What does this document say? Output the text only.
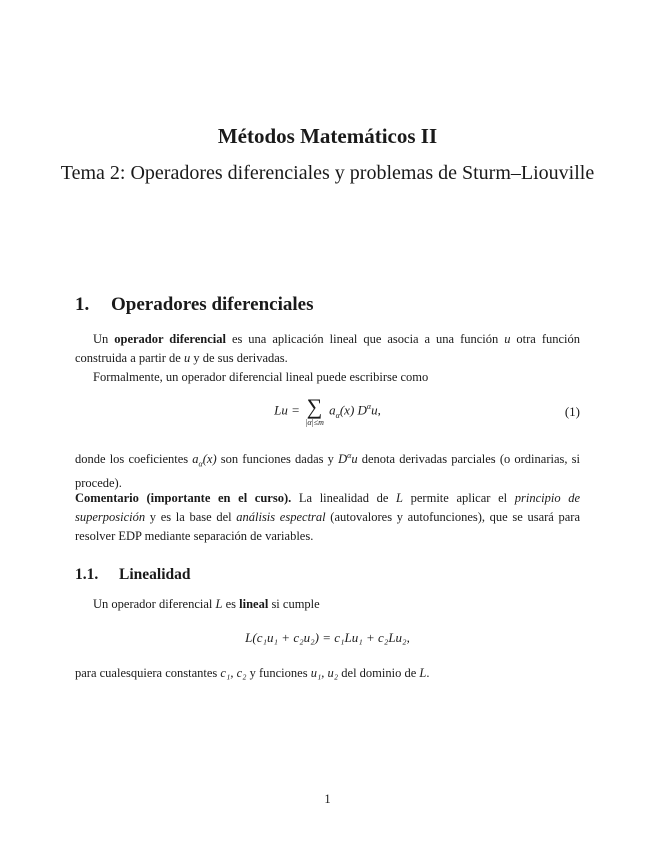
Métodos Matemáticos II
Tema 2: Operadores diferenciales y problemas de Sturm–Liouville
1. Operadores diferenciales
Un operador diferencial es una aplicación lineal que asocia a una función u otra función construida a partir de u y de sus derivadas.
Formalmente, un operador diferencial lineal puede escribirse como
Lu = ∑
|α|≤m
$a_\alpha(x)$ $D^\alpha u$,	(1)
donde los coeficientes $a_\alpha(x)$ son funciones dadas y $D^\alpha u$ denota derivadas parciales (o ordinarias, si procede).
Comentario (importante en el curso). La linealidad de L permite aplicar el principio de superposición y es la base del análisis espectral (autovalores y autofunciones), que se usará para resolver EDP mediante separación de variables.
1.1. Linealidad
Un operador diferencial L es lineal si cumple
L(c₁u₁ + c₂u₂) = c₁Lu₁ + c₂Lu₂,
para cualesquiera constantes c₁, c₂ y funciones u₁, u₂ del dominio de L.
1
